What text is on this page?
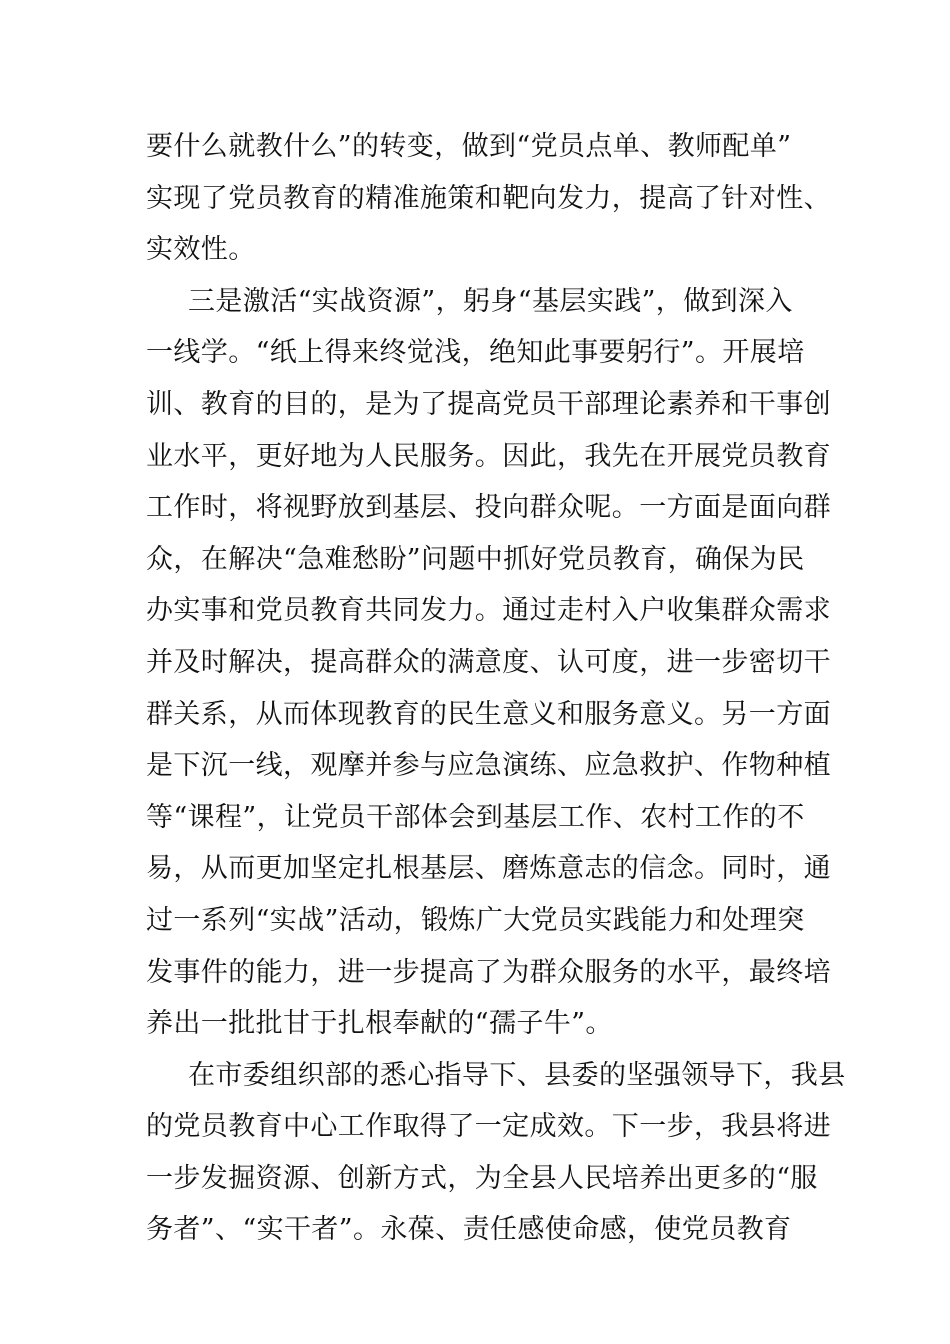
要什么就教什么”的转变，做到“党员点单、教师配单”
实现了党员教育的精准施策和靶向发力，提高了针对性、
实效性。
三是激活“实战资源”，躬身“基层实践”，做到深入
一线学。“纸上得来终觉浅，绝知此事要躬行”。开展培
训、教育的目的，是为了提高党员干部理论素养和干事创
业水平，更好地为人民服务。因此，我先在开展党员教育
工作时，将视野放到基层、投向群众呢。一方面是面向群
众，在解决“急难愁盼”问题中抓好党员教育，确保为民
办实事和党员教育共同发力。通过走村入户收集群众需求
并及时解决，提高群众的满意度、认可度，进一步密切干
群关系，从而体现教育的民生意义和服务意义。另一方面
是下沉一线，观摩并参与应急演练、应急救护、作物种植
等“课程”，让党员干部体会到基层工作、农村工作的不
易，从而更加坚定扎根基层、磨炼意志的信念。同时，通
过一系列“实战”活动，锻炼广大党员实践能力和处理突
发事件的能力，进一步提高了为群众服务的水平，最终培
养出一批批甘于扎根奉献的“孺子牛”。
在市委组织部的悉心指导下、县委的坚强领导下，我县
的党员教育中心工作取得了一定成效。下一步，我县将进
一步发掘资源、创新方式，为全县人民培养出更多的“服
务者”、“实干者”。永葆、责任感使命感，使党员教育
